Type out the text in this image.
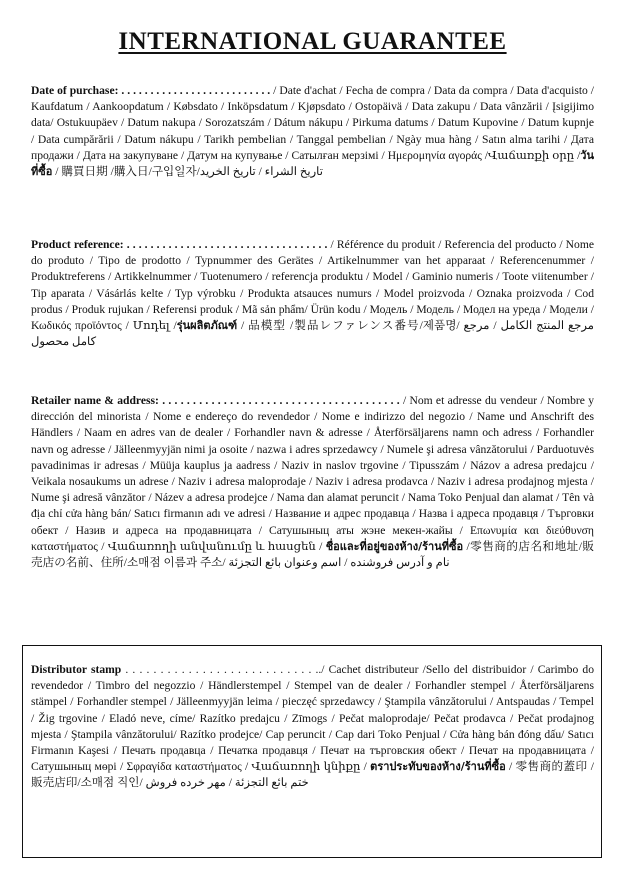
INTERNATIONAL GUARANTEE

Date of purchase: . . . . . . . . . . . . . . . . . . . . . . . . . . / Date d'achat / Fecha de compra / Data da compra / Data d'acquisto / Kaufdatum / Aankoopdatum / Købsdato / Inköpsdatum / Kjøpsdato / Ostopäivä / Data zakupu / Data vânzării / Įsigijimo data/ Ostukuupäev / Datum nakupa / Sorozatszám / Dátum nákupu / Pirkuma datums / Datum Kupovine / Datum kupnje / Data cumpărării / Datum nákupu / Tarikh pembelian / Tanggal pembelian / Ngày mua hàng / Satın alma tarihi / Дата продажи / Дата на закупуване / Датум на купување / Сатылған мерзімі / Ημερομηνία αγοράς /Վաճառքի օրը /วันที่ซื้อ / 購買日期 /購入日/구입일자/تاريخ الشراء / تاريخ الخريد

Product reference: . . . . . . . . . . . . . . . . . . . . . . . . . . . . . . . . . . / Référence du produit / Referencia del producto / Nome do produto / Tipo de prodotto / Typnummer des Gerätes / Artikelnummer van het apparaat / Referencenummer / Produktreferens / Artikkelnummer / Tuotenumero / referencja produktu / Model / Gaminio numeris / Toote viitenumber / Tip aparata / Vásárlás kelte / Typ výrobku / Produkta atsauces numurs / Model proizvoda / Oznaka proizvoda / Cod produs / Produk rujukan / Referensi produk / Mã sản phẩm/ Ürün kodu / Модель / Модель / Модел на уреда / Модели / Κωδικός προϊόντος / Մոդել /รุ่นผลิตภัณฑ์ / 品模型 /製品レファレンス番号/제품명/ مرجع المنتج الكامل / مرجع کامل محصول

Retailer name & address: . . . . . . . . . . . . . . . . . . . . . . . . . . . . . . . . . . . . . . . / Nom et adresse du vendeur / Nombre y dirección del minorista / Nome e endereço do revendedor / Nome e indirizzo del negozio / Name und Anschrift des Händlers / Naam en adres van de dealer / Forhandler navn & adresse / Återförsäljarens namn och adress / Forhandler navn og adresse / Jälleenmyyjän nimi ja osoite / nazwa i adres sprzedawcy / Numele şi adresa vânzătorului / Parduotuvės pavadinimas ir adresas / Müüja kauplus ja aadress / Naziv in naslov trgovine / Tipusszám / Názov a adresa predajcu / Veikala nosaukums un adrese / Naziv i adresa maloprodaje / Naziv i adresa prodavca / Naziv i adresa prodajnog mjesta / Nume şi adresă vânzător / Název a adresa prodejce / Nama dan alamat peruncit / Nama Toko Penjual dan alamat / Tên và địa chỉ cửa hàng bán/ Satıcı firmanın adı ve adresi / Название и адрес продавца / Назва і адреса продавця / Търговки обект / Назив и адреса на продавницата / Сатушыныц аты жэнe мекен-жайы / Επωνυμία και διεύθυνση καταστήματος / Վաճառողի անվանումը և հասցեն / ชื่อและที่อยู่ของห้าง/ร้านที่ซื้อ /零售商的店名和地址/販売店の名前、住所/소매점 이름과 주소/ نام و آدرس فروشنده / اسم وعنوان بائع التجزئة

Distributor stamp . . . . . . . . . . . . . . . . . . . . . . . . . . . ../ Cachet distributeur /Sello del distribuidor / Carimbo do revendedor / Timbro del negozzio / Händlerstempel / Stempel van de dealer / Forhandler stempel / Återförsäljarens stämpel / Forhandler stempel / Jälleenmyyjän leima / pieczęć sprzedawcy / Ştampila vânzătorului / Antspaudas / Tempel / Žig trgovine / Eladó neve, címe/ Razítko predajcu / Zīmogs / Pečat maloprodaje/ Pečat prodavca / Pečat prodajnog mjesta / Ştampila vânzătorului/ Razítko prodejce/ Cap peruncit / Cap dari Toko Penjual / Cửa hàng bán đóng dấu/ Satıcı Firmanın Kaşesi / Печать продавца / Печатка продавця / Печат на търговския обект / Печат на продавницата / Сатушыныц мөрі / Σφραγίδα καταστήματος / Վաճառողի կնիքը / ตราประทับของห้าง/ร้านที่ซื้อ / 零售商的蓋印 /販売店印/소매점 직인/ ختم بائع التجزئة / مهر خرده فروش
